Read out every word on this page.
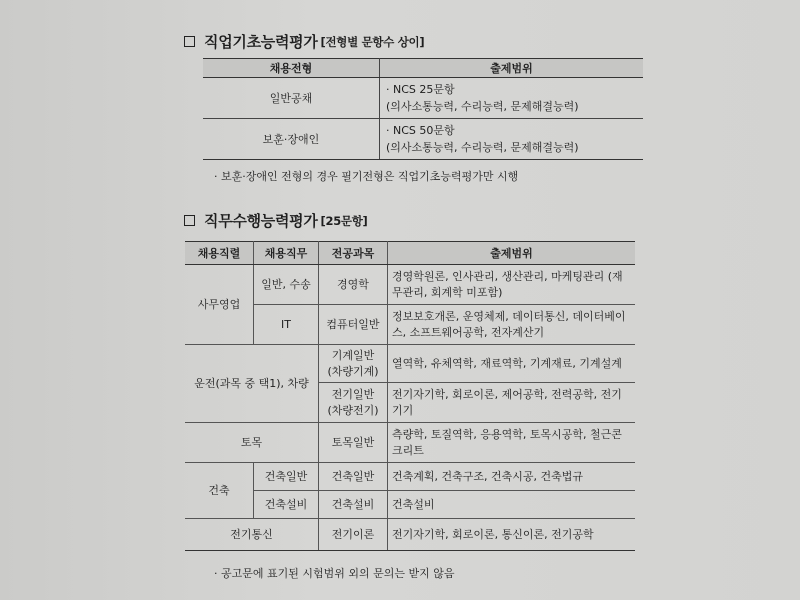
직업기초능력평가 [전형별 문항수 상이]
채용전형	출제범위
일반공채	· NCS 25문항
(의사소통능력, 수리능력, 문제해결능력)

보훈·장애인	· NCS 50문항
(의사소통능력, 수리능력, 문제해결능력)
· 보훈·장애인 전형의 경우 필기전형은 직업기초능력평가만 시행
직무수행능력평가 [25문항]
채용직렬	채용직무	전공과목	출제범위
사무영업	일반, 수송	경영학	경영학원론, 인사관리, 생산관리, 마케팅관리 (재무관리, 회계학 미포함)
	IT	컴퓨터일반	정보보호개론, 운영체제, 데이터통신, 데이터베이스, 소프트웨어공학, 전자계산기
운전(과목 중 택1), 차량		기계일반 (차량기계)	열역학, 유체역학, 재료역학, 기계재료, 기계설계
		전기일반 (차량전기)	전기자기학, 회로이론, 제어공학, 전력공학, 전기기기
토목		토목일반	측량학, 토질역학, 응용역학, 토목시공학, 철근콘크리트
건축	건축일반	건축일반	건축계획, 건축구조, 건축시공, 건축법규
	건축설비	건축설비	건축설비
전기통신		전기이론	전기자기학, 회로이론, 통신이론, 전기공학
· 공고문에 표기된 시험범위 외의 문의는 받지 않음
